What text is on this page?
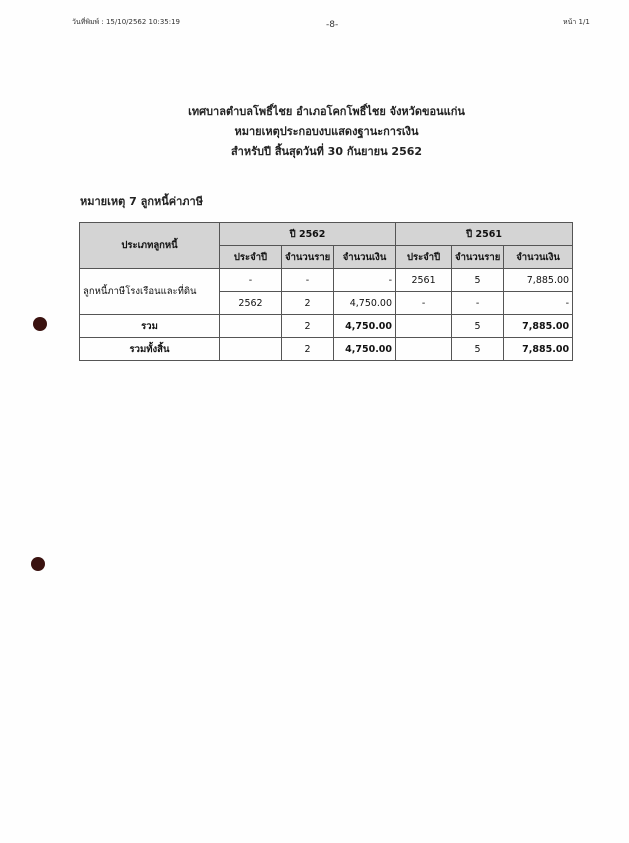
วันที่พิมพ์ : 15/10/2562 10:35:19	-8-	หน้า 1/1
เทศบาลตำบลโพธิ์ไชย อำเภอโคกโพธิ์ไชย จังหวัดขอนแก่น
หมายเหตุประกอบงบแสดงฐานะการเงิน
สำหรับปี สิ้นสุดวันที่ 30 กันยายน 2562
หมายเหตุ 7 ลูกหนี้ค่าภาษี
ประเภทลูกหนี้	ปี 2562			ปี 2561		
	ประจำปี	จำนวนราย	จำนวนเงิน	ประจำปี	จำนวนราย	จำนวนเงิน
ลูกหนี้ภาษีโรงเรือนและที่ดิน	-	-	-	2561	5	7,885.00
	2562	2	4,750.00	-	-	-
รวม		2	4,750.00		5	7,885.00
รวมทั้งสิ้น		2	4,750.00		5	7,885.00
